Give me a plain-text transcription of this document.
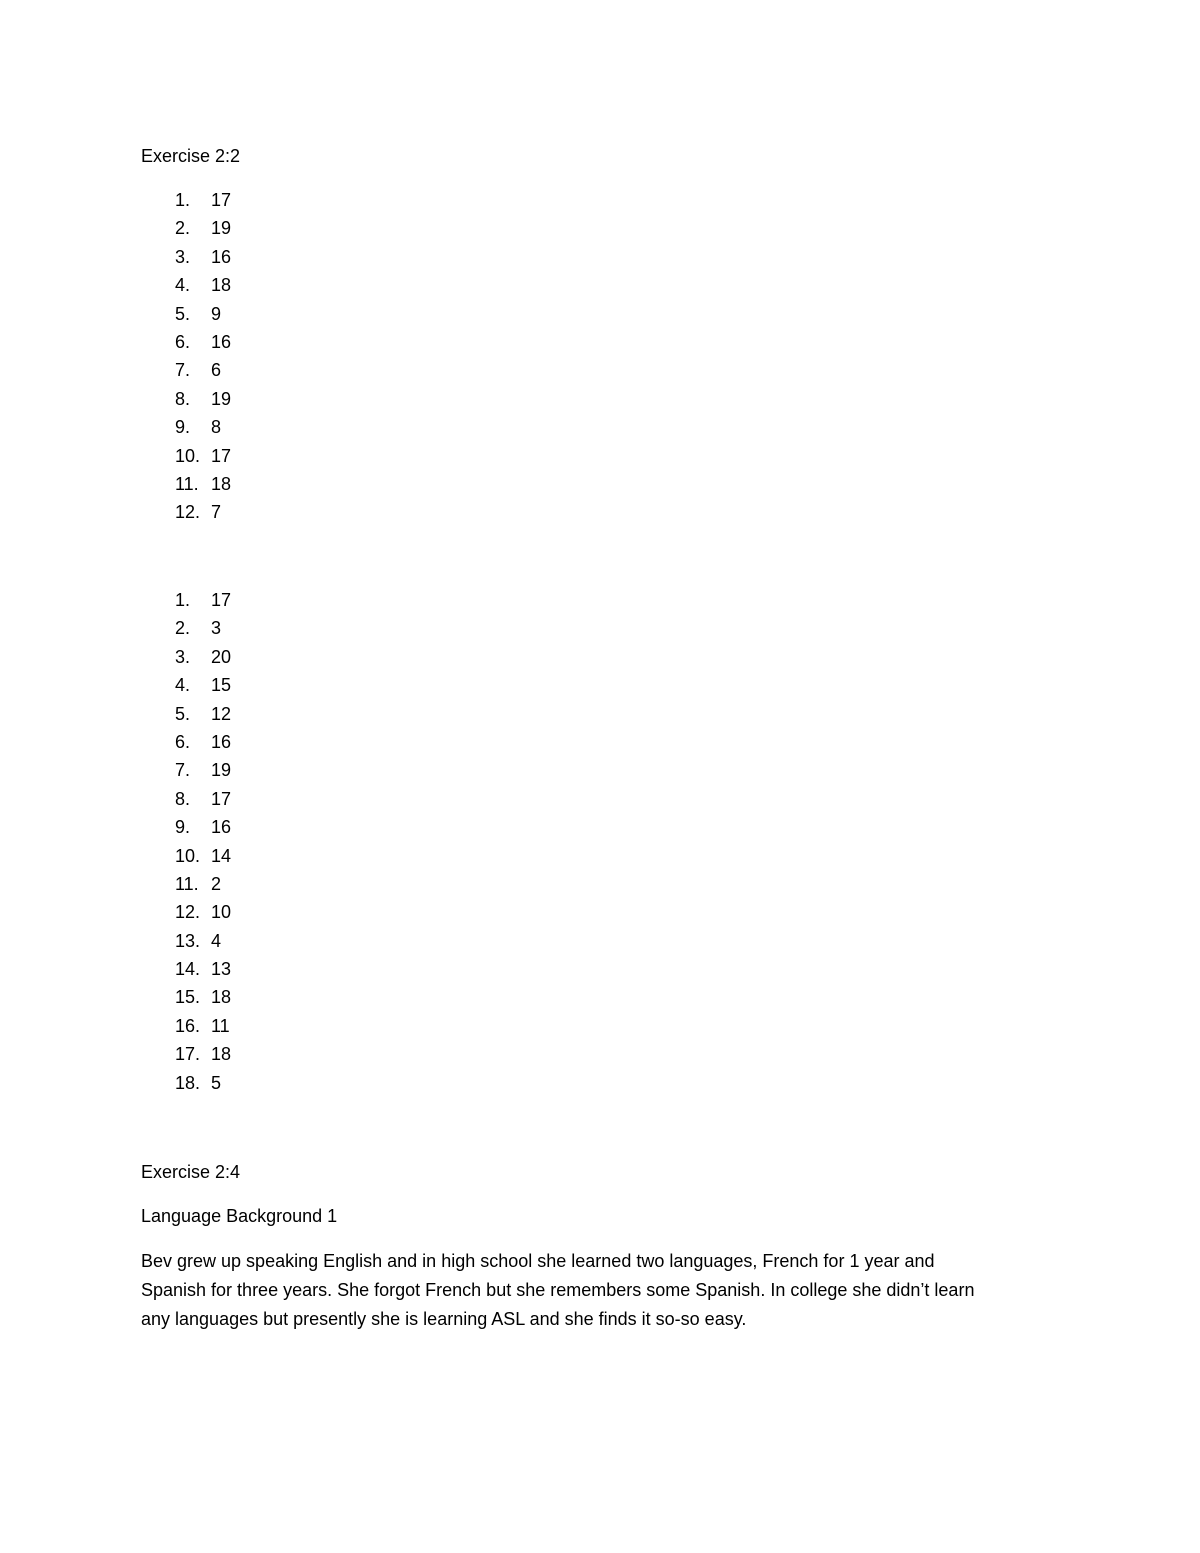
Exercise 2:2
1. 17
2. 19
3. 16
4. 18
5. 9
6. 16
7. 6
8. 19
9. 8
10. 17
11. 18
12. 7
1. 17
2. 3
3. 20
4. 15
5. 12
6. 16
7. 19
8. 17
9. 16
10. 14
11. 2
12. 10
13. 4
14. 13
15. 18
16. 11
17. 18
18. 5
Exercise 2:4
Language Background 1

Bev grew up speaking English and in high school she learned two languages, French for 1 year and
Spanish for three years. She forgot French but she remembers some Spanish. In college she didn’t learn
any languages but presently she is learning ASL and she finds it so-so easy.
